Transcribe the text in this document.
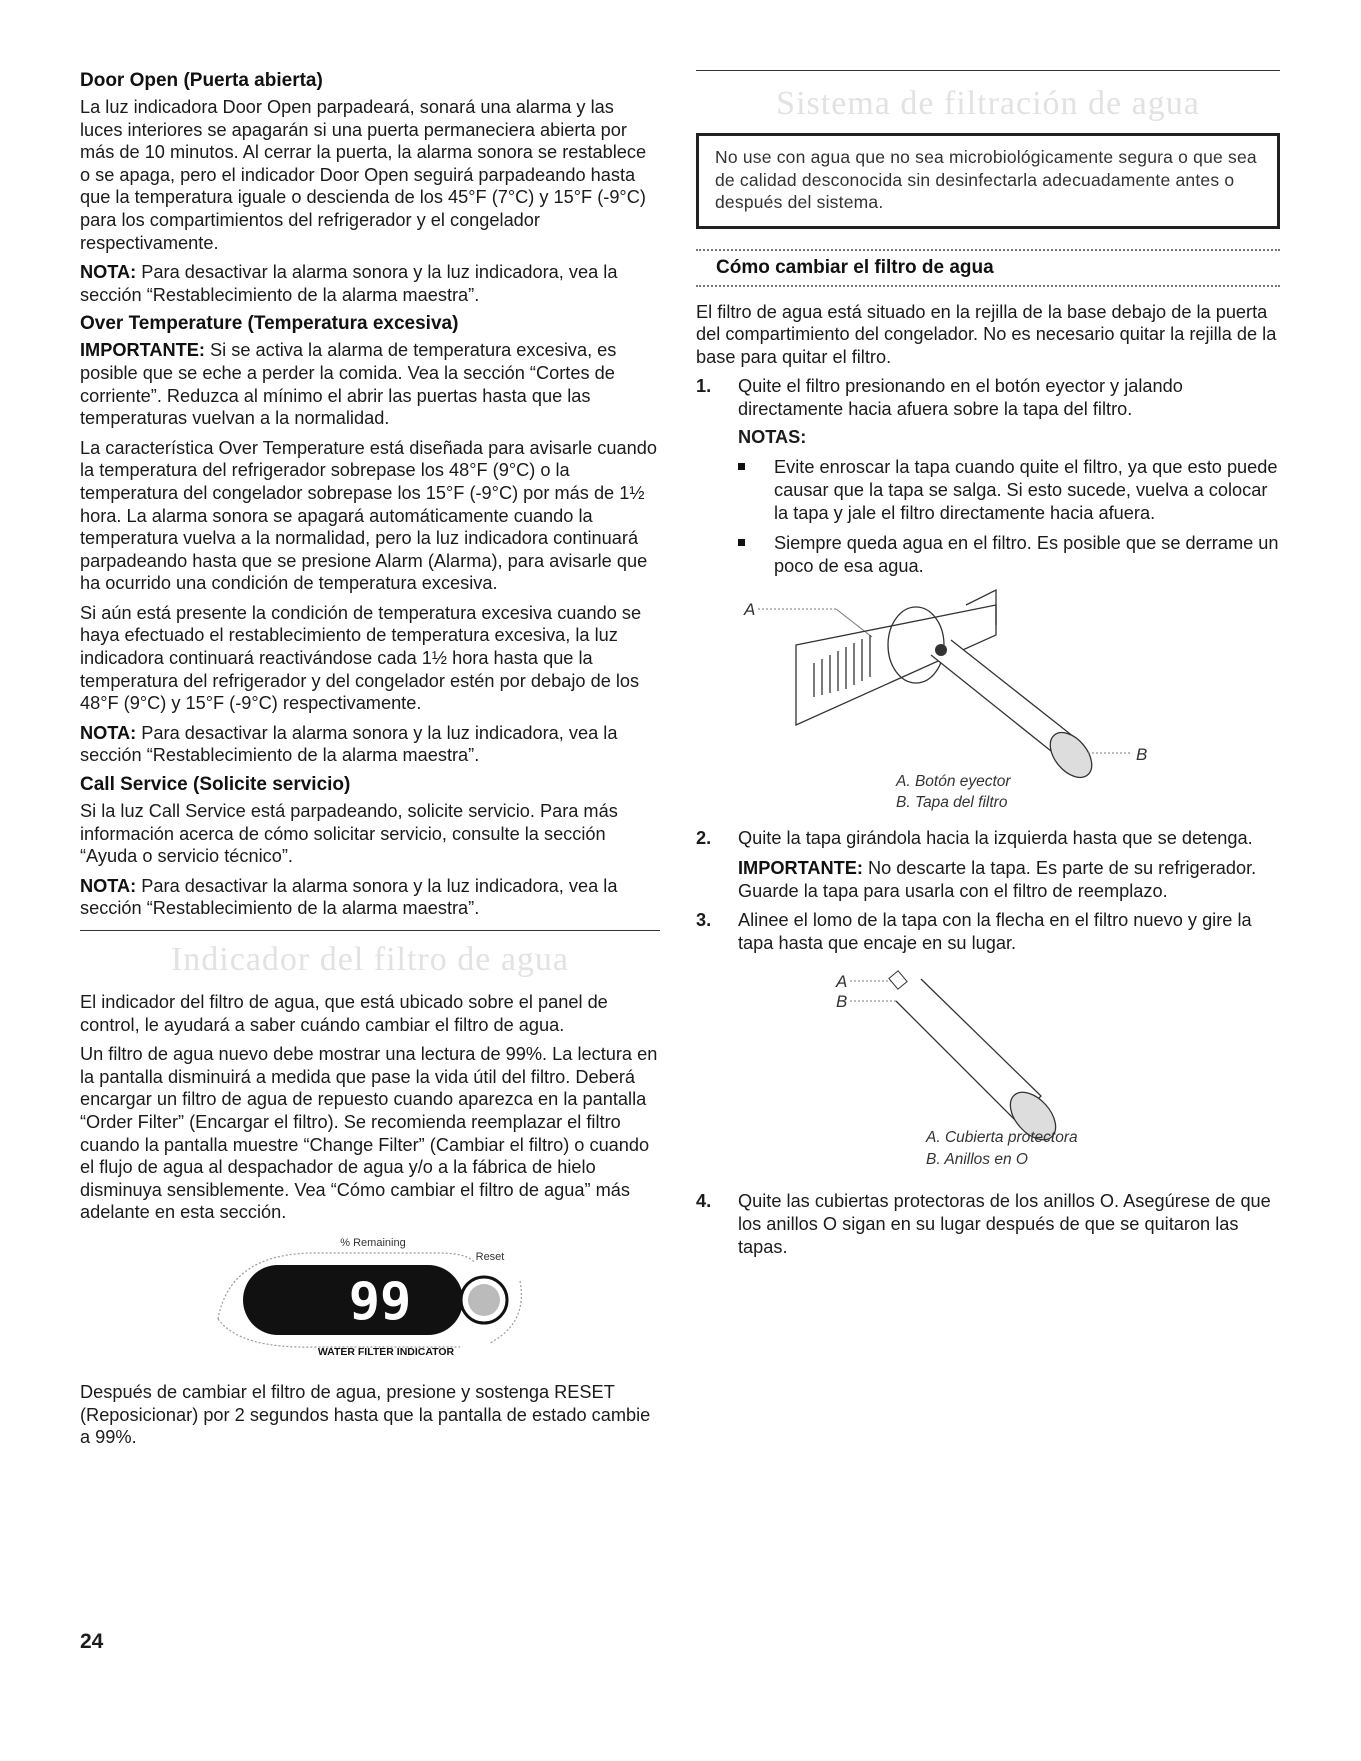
Door Open (Puerta abierta)

La luz indicadora Door Open parpadeará, sonará una alarma y las luces interiores se apagarán si una puerta permaneciera abierta por más de 10 minutos. Al cerrar la puerta, la alarma sonora se restablece o se apaga, pero el indicador Door Open seguirá parpadeando hasta que la temperatura iguale o descienda de los 45°F (7°C) y 15°F (-9°C) para los compartimientos del refrigerador y el congelador respectivamente.

NOTA: Para desactivar la alarma sonora y la luz indicadora, vea la sección “Restablecimiento de la alarma maestra”.

Over Temperature (Temperatura excesiva)

IMPORTANTE: Si se activa la alarma de temperatura excesiva, es posible que se eche a perder la comida. Vea la sección “Cortes de corriente”. Reduzca al mínimo el abrir las puertas hasta que las temperaturas vuelvan a la normalidad.

La característica Over Temperature está diseñada para avisarle cuando la temperatura del refrigerador sobrepase los 48°F (9°C) o la temperatura del congelador sobrepase los 15°F (-9°C) por más de 1½ hora. La alarma sonora se apagará automáticamente cuando la temperatura vuelva a la normalidad, pero la luz indicadora continuará parpadeando hasta que se presione Alarm (Alarma), para avisarle que ha ocurrido una condición de temperatura excesiva.

Si aún está presente la condición de temperatura excesiva cuando se haya efectuado el restablecimiento de temperatura excesiva, la luz indicadora continuará reactivándose cada 1½ hora hasta que la temperatura del refrigerador y del congelador estén por debajo de los 48°F (9°C) y 15°F (-9°C) respectivamente.

NOTA: Para desactivar la alarma sonora y la luz indicadora, vea la sección “Restablecimiento de la alarma maestra”.

Call Service (Solicite servicio)

Si la luz Call Service está parpadeando, solicite servicio. Para más información acerca de cómo solicitar servicio, consulte la sección “Ayuda o servicio técnico”.

NOTA: Para desactivar la alarma sonora y la luz indicadora, vea la sección “Restablecimiento de la alarma maestra”.

Indicador del filtro de agua

El indicador del filtro de agua, que está ubicado sobre el panel de control, le ayudará a saber cuándo cambiar el filtro de agua.

Un filtro de agua nuevo debe mostrar una lectura de 99%. La lectura en la pantalla disminuirá a medida que pase la vida útil del filtro. Deberá encargar un filtro de agua de repuesto cuando aparezca en la pantalla “Order Filter” (Encargar el filtro). Se recomienda reemplazar el filtro cuando la pantalla muestre “Change Filter” (Cambiar el filtro) o cuando el flujo de agua al despachador de agua y/o a la fábrica de hielo disminuya sensiblemente. Vea “Cómo cambiar el filtro de agua” más adelante en esta sección.

% Remaining
Reset
99
WATER FILTER INDICATOR

Después de cambiar el filtro de agua, presione y sostenga RESET (Reposicionar) por 2 segundos hasta que la pantalla de estado cambie a 99%.

Sistema de filtración de agua

No use con agua que no sea microbiológicamente segura o que sea de calidad desconocida sin desinfectarla adecuadamente antes o después del sistema.

Cómo cambiar el filtro de agua

El filtro de agua está situado en la rejilla de la base debajo de la puerta del compartimiento del congelador. No es necesario quitar la rejilla de la base para quitar el filtro.

1. Quite el filtro presionando en el botón eyector y jalando directamente hacia afuera sobre la tapa del filtro.
NOTAS:
Evite enroscar la tapa cuando quite el filtro, ya que esto puede causar que la tapa se salga. Si esto sucede, vuelva a colocar la tapa y jale el filtro directamente hacia afuera.
Siempre queda agua en el filtro. Es posible que se derrame un poco de esa agua.
A
B
A. Botón eyector
B. Tapa del filtro
2. Quite la tapa girándola hacia la izquierda hasta que se detenga.

IMPORTANTE: No descarte la tapa. Es parte de su refrigerador. Guarde la tapa para usarla con el filtro de reemplazo.

3. Alinee el lomo de la tapa con la flecha en el filtro nuevo y gire la tapa hasta que encaje en su lugar.
A
B
A. Cubierta protectora
B. Anillos en O
4. Quite las cubiertas protectoras de los anillos O. Asegúrese de que los anillos O sigan en su lugar después de que se quitaron las tapas.
24
